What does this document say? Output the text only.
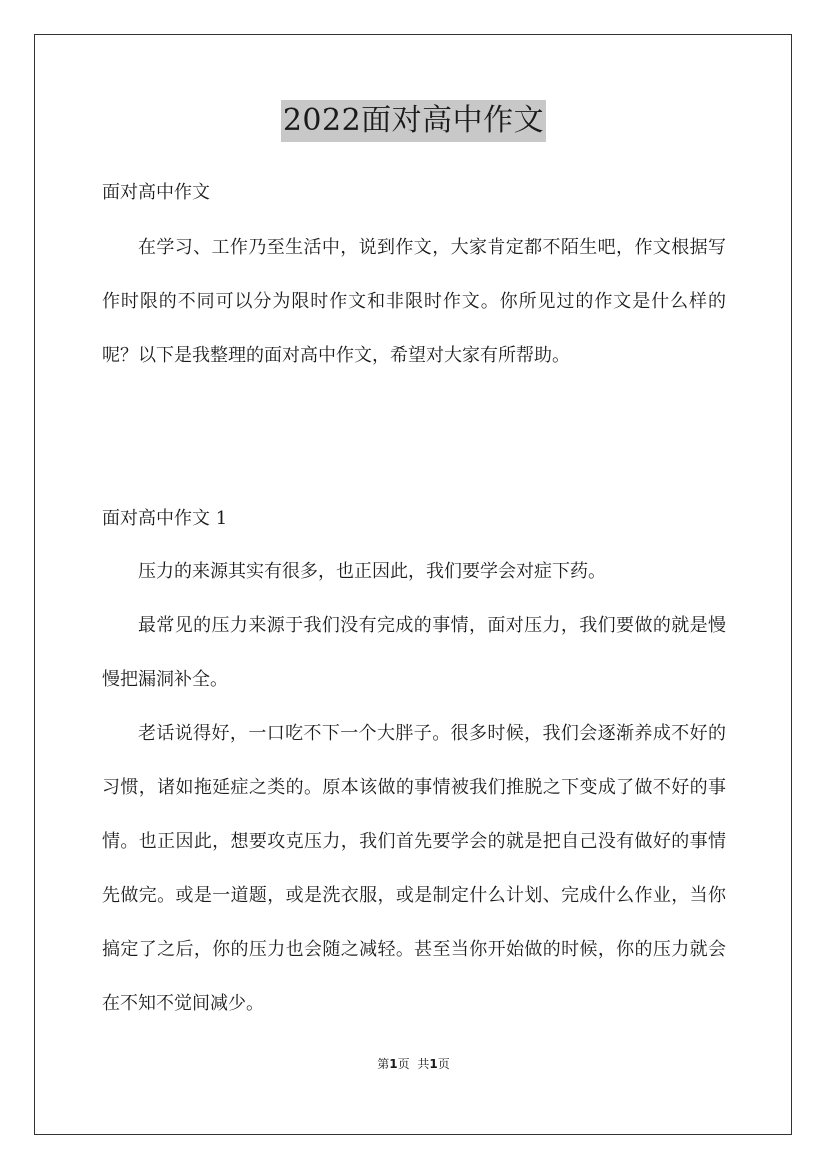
2022面对高中作文
面对高中作文

在学习、工作乃至生活中，说到作文，大家肯定都不陌生吧，作文根据写作时限的不同可以分为限时作文和非限时作文。你所见过的作文是什么样的呢？以下是我整理的面对高中作文，希望对大家有所帮助。

面对高中作文 1

压力的来源其实有很多，也正因此，我们要学会对症下药。

最常见的压力来源于我们没有完成的事情，面对压力，我们要做的就是慢慢把漏洞补全。

老话说得好，一口吃不下一个大胖子。很多时候，我们会逐渐养成不好的习惯，诸如拖延症之类的。原本该做的事情被我们推脱之下变成了做不好的事情。也正因此，想要攻克压力，我们首先要学会的就是把自己没有做好的事情先做完。或是一道题，或是洗衣服，或是制定什么计划、完成什么作业，当你搞定了之后，你的压力也会随之减轻。甚至当你开始做的时候，你的压力就会在不知不觉间减少。

第1页 共1页
